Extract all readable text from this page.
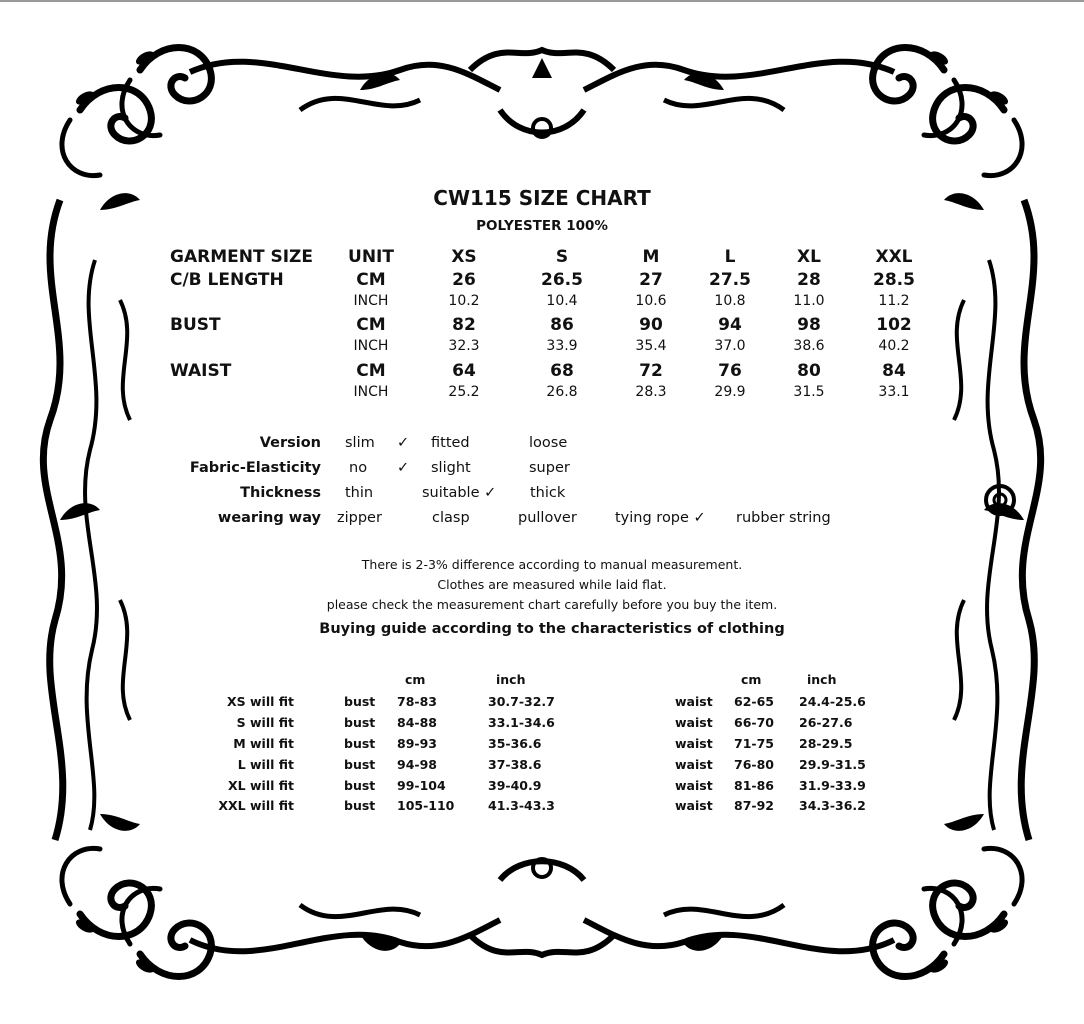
CW115 SIZE CHART
POLYESTER 100%
GARMENT SIZE	UNIT	XS	S	M	L	XL	XXL
C/B LENGTH	CM	26	26.5	27	27.5	28	28.5
INCH	10.2	10.4	10.6	10.8	11.0	11.2
BUST	CM	82	86	90	94	98	102
INCH	32.3	33.9	35.4	37.0	38.6	40.2
WAIST	CM	64	68	72	76	80	84
INCH	25.2	26.8	28.3	29.9	31.5	33.1
Version slim ✓ fitted	loose
Fabric-Elasticity no ✓ slight	super
Thickness thin	suitable ✓ thick
wearing way zipper	clasp	pullover	tying rope ✓ rubber string
There is 2-3% difference according to manual measurement.
Clothes are measured while laid flat.
please check the measurement chart carefully before you buy the item.
Buying guide according to the characteristics of clothing
cm	inch	cm	inch
XS will fit	bust 78-83	30.7-32.7	waist 62-65 24.4-25.6
S will fit	bust 84-88	33.1-34.6	waist 66-70 26-27.6
M will fit	bust 89-93	35-36.6	waist 71-75 28-29.5
L will fit	bust 94-98	37-38.6	waist 76-80 29.9-31.5
XL will fit	bust 99-104	39-40.9	waist 81-86 31.9-33.9
XXL will fit	bust 105-110	41.3-43.3	waist 87-92 34.3-36.2
